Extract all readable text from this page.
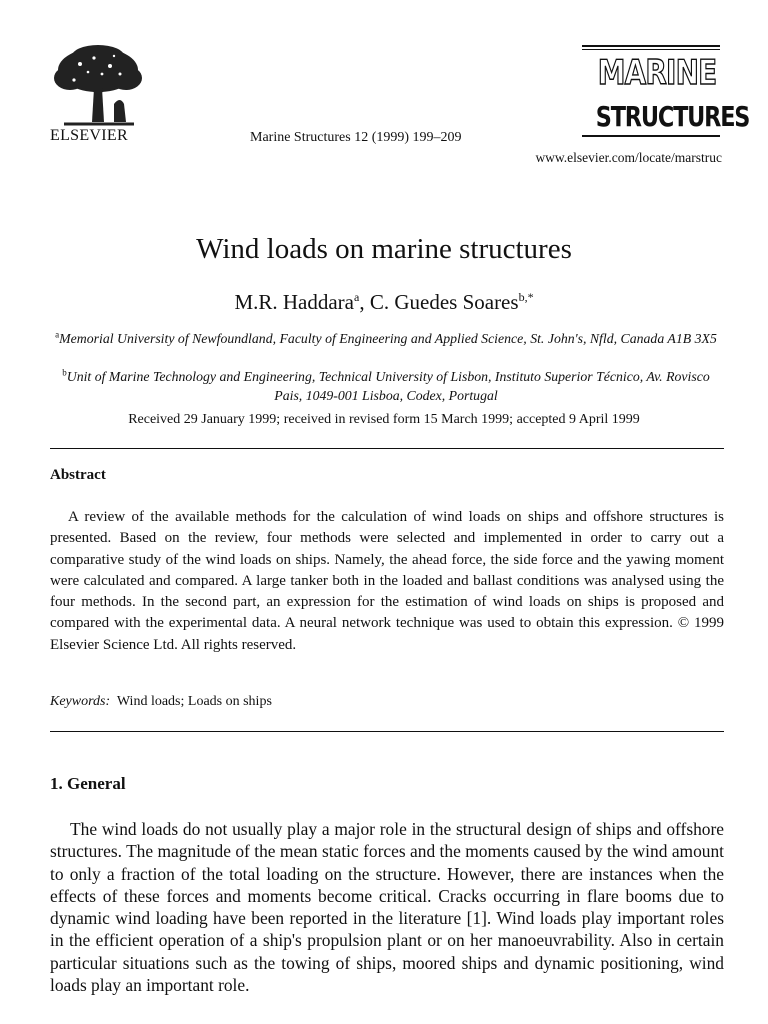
ELSEVIER	Marine Structures 12 (1999) 199–209
MARINE
STRUCTURES
www.elsevier.com/locate/marstruc
Wind loads on marine structures
M.R. Haddara$^a$, C. Guedes Soares$^{b,*}$
$^a$Memorial University of Newfoundland, Faculty of Engineering and Applied Science, St. John's, Nfld, Canada A1B 3X5
$^b$Unit of Marine Technology and Engineering, Technical University of Lisbon, Instituto Superior Técnico, Av. Rovisco Pais, 1049-001 Lisboa, Codex, Portugal
Received 29 January 1999; received in revised form 15 March 1999; accepted 9 April 1999
Abstract

A review of the available methods for the calculation of wind loads on ships and offshore structures is presented. Based on the review, four methods were selected and implemented in order to carry out a comparative study of the wind loads on ships. Namely, the ahead force, the side force and the yawing moment were calculated and compared. A large tanker both in the loaded and ballast conditions was analysed using the four methods. In the second part, an expression for the estimation of wind loads on ships is proposed and compared with the experimental data. A neural network technique was used to obtain this expression. © 1999 Elsevier Science Ltd. All rights reserved.

Keywords: Wind loads; Loads on ships
1. General

The wind loads do not usually play a major role in the structural design of ships and offshore structures. The magnitude of the mean static forces and the moments caused by the wind amount to only a fraction of the total loading on the structure. However, there are instances when the effects of these forces and moments become critical. Cracks occurring in flare booms due to dynamic wind loading have been reported in the literature [1]. Wind loads play important roles in the efficient operation of a ship's propulsion plant or on her manoeuvrability. Also in certain particular situations such as the towing of ships, moored ships and dynamic positioning, wind loads play an important role.
